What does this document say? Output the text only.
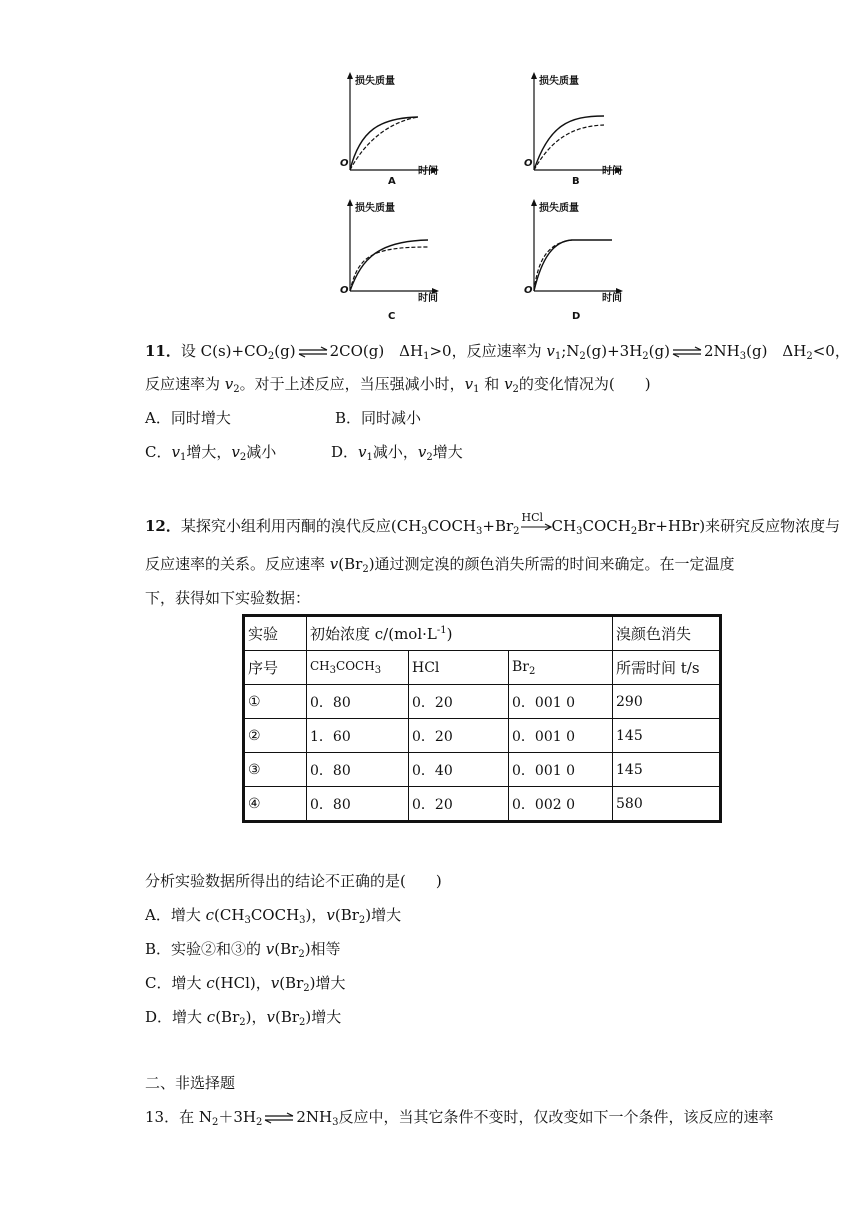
损失质量
O
时间
A
损失质量
O
时间
B
损失质量
O
时间
C
损失质量
O
时间
D
11．设 $C(s)+CO_2(g)$ ⇌ 2CO(g)　$\Delta H_1>0$，反应速率为 $v_1;N_2(g)+3H_2(g)$ ⇌ $2NH_3(g)$　$\Delta H_2<0$，
反应速率为 $v_2$。对于上述反应，当压强减小时，$v_1$ 和 $v_2$的变化情况为(　　)
A．同时增大	B．同时减小
C．$v_1$增大，$v_2$减小	D．$v_1$减小，$v_2$增大
12．某探究小组利用丙酮的溴代反应($CH_3COCH_3+Br_2$
HCl $CH_3COCH_2Br+HBr$)来研究反应物浓度与
反应速率的关系。反应速率 $v(Br_2)$通过测定溴的颜色消失所需的时间来确定。在一定温度
下，获得如下实验数据：
实验	初始浓度 $c/(mol\cdot L^{-1})$			溴颜色消失
序号	$CH_3COCH_3$	HCl	$Br_2$	所需时间 t/s
①	0．80	0．20	0．001 0	290
②	1．60	0．20	0．001 0	145
③	0．80	0．40	0．001 0	145
④	0．80	0．20	0．002 0	580
分析实验数据所得出的结论不正确的是(　　)
A．增大 $c(CH_3COCH_3)$，$v(Br_2)$增大
B．实验②和③的 $v(Br_2)$相等
C．增大 c(HCl)，$v(Br_2)$增大
D．增大 $c(Br_2)$，$v(Br_2)$增大
二、非选择题
13．在 $N_2+3H_2$ ⇌ $2NH_3$反应中，当其它条件不变时，仅改变如下一个条件，该反应的速率
